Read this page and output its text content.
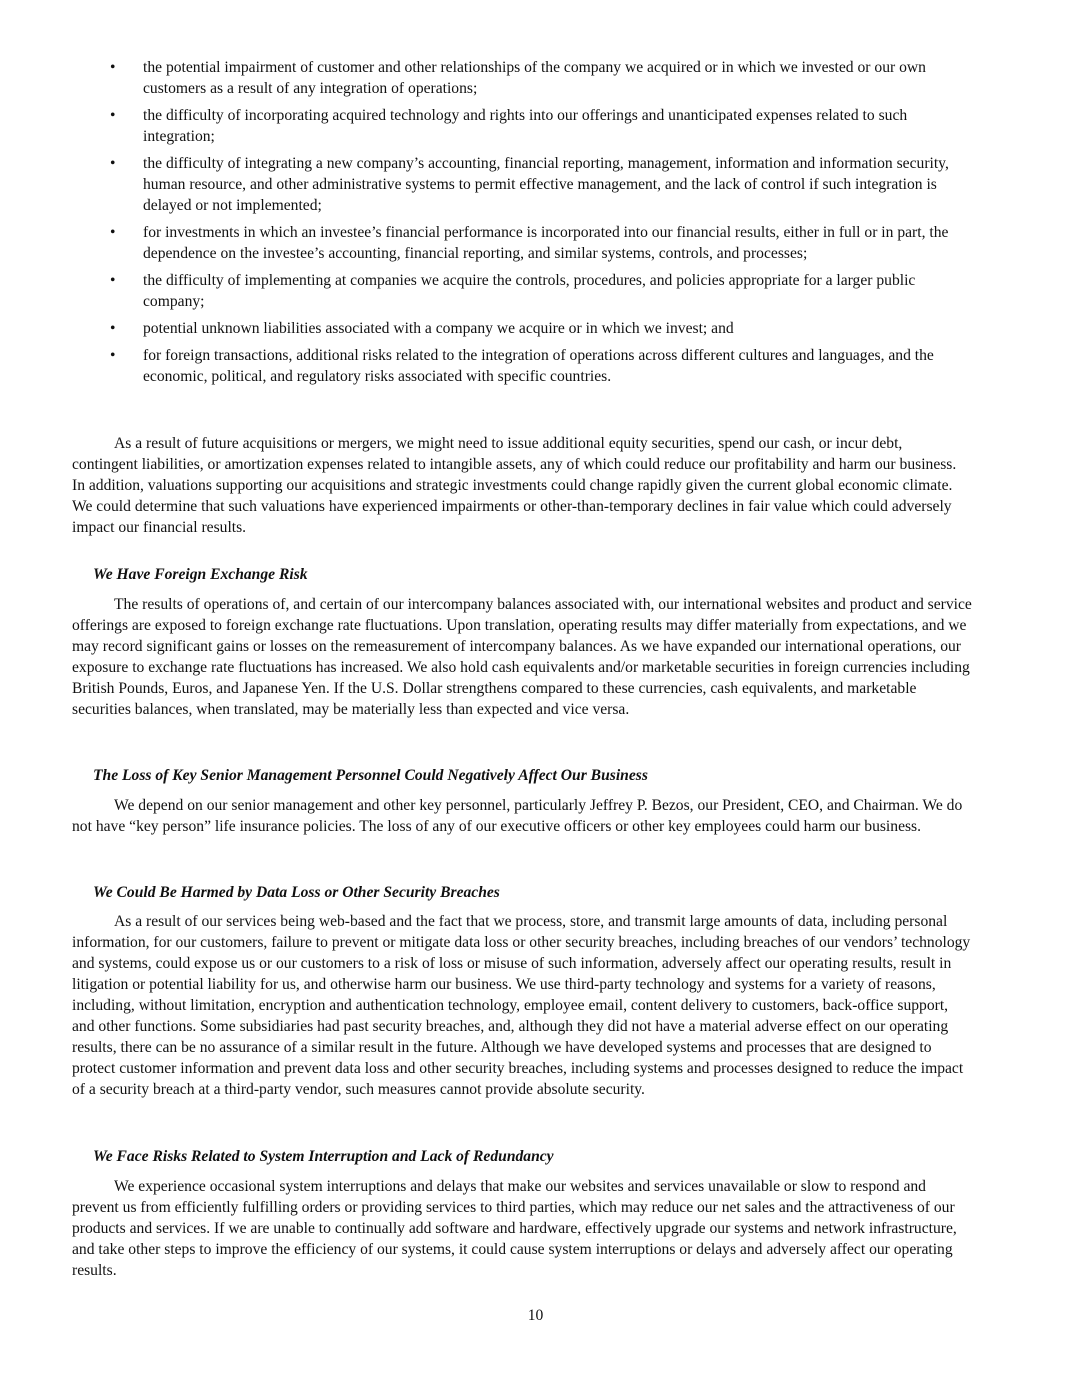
• the potential impairment of customer and other relationships of the company we acquired or in which we invested or our own customers as a result of any integration of operations;
• the difficulty of incorporating acquired technology and rights into our offerings and unanticipated expenses related to such integration;
• the difficulty of integrating a new company’s accounting, financial reporting, management, information and information security, human resource, and other administrative systems to permit effective management, and the lack of control if such integration is delayed or not implemented;
• for investments in which an investee’s financial performance is incorporated into our financial results, either in full or in part, the dependence on the investee’s accounting, financial reporting, and similar systems, controls, and processes;
• the difficulty of implementing at companies we acquire the controls, procedures, and policies appropriate for a larger public company;
• potential unknown liabilities associated with a company we acquire or in which we invest; and
• for foreign transactions, additional risks related to the integration of operations across different cultures and languages, and the economic, political, and regulatory risks associated with specific countries.
As a result of future acquisitions or mergers, we might need to issue additional equity securities, spend our cash, or incur debt, contingent liabilities, or amortization expenses related to intangible assets, any of which could reduce our profitability and harm our business. In addition, valuations supporting our acquisitions and strategic investments could change rapidly given the current global economic climate. We could determine that such valuations have experienced impairments or other-than-temporary declines in fair value which could adversely impact our financial results.
We Have Foreign Exchange Risk
The results of operations of, and certain of our intercompany balances associated with, our international websites and product and service offerings are exposed to foreign exchange rate fluctuations. Upon translation, operating results may differ materially from expectations, and we may record significant gains or losses on the remeasurement of intercompany balances. As we have expanded our international operations, our exposure to exchange rate fluctuations has increased. We also hold cash equivalents and/or marketable securities in foreign currencies including British Pounds, Euros, and Japanese Yen. If the U.S. Dollar strengthens compared to these currencies, cash equivalents, and marketable securities balances, when translated, may be materially less than expected and vice versa.
The Loss of Key Senior Management Personnel Could Negatively Affect Our Business
We depend on our senior management and other key personnel, particularly Jeffrey P. Bezos, our President, CEO, and Chairman. We do not have “key person” life insurance policies. The loss of any of our executive officers or other key employees could harm our business.
We Could Be Harmed by Data Loss or Other Security Breaches
As a result of our services being web-based and the fact that we process, store, and transmit large amounts of data, including personal information, for our customers, failure to prevent or mitigate data loss or other security breaches, including breaches of our vendors’ technology and systems, could expose us or our customers to a risk of loss or misuse of such information, adversely affect our operating results, result in litigation or potential liability for us, and otherwise harm our business. We use third-party technology and systems for a variety of reasons, including, without limitation, encryption and authentication technology, employee email, content delivery to customers, back-office support, and other functions. Some subsidiaries had past security breaches, and, although they did not have a material adverse effect on our operating results, there can be no assurance of a similar result in the future. Although we have developed systems and processes that are designed to protect customer information and prevent data loss and other security breaches, including systems and processes designed to reduce the impact of a security breach at a third-party vendor, such measures cannot provide absolute security.
We Face Risks Related to System Interruption and Lack of Redundancy
We experience occasional system interruptions and delays that make our websites and services unavailable or slow to respond and prevent us from efficiently fulfilling orders or providing services to third parties, which may reduce our net sales and the attractiveness of our products and services. If we are unable to continually add software and hardware, effectively upgrade our systems and network infrastructure, and take other steps to improve the efficiency of our systems, it could cause system interruptions or delays and adversely affect our operating results.
10
